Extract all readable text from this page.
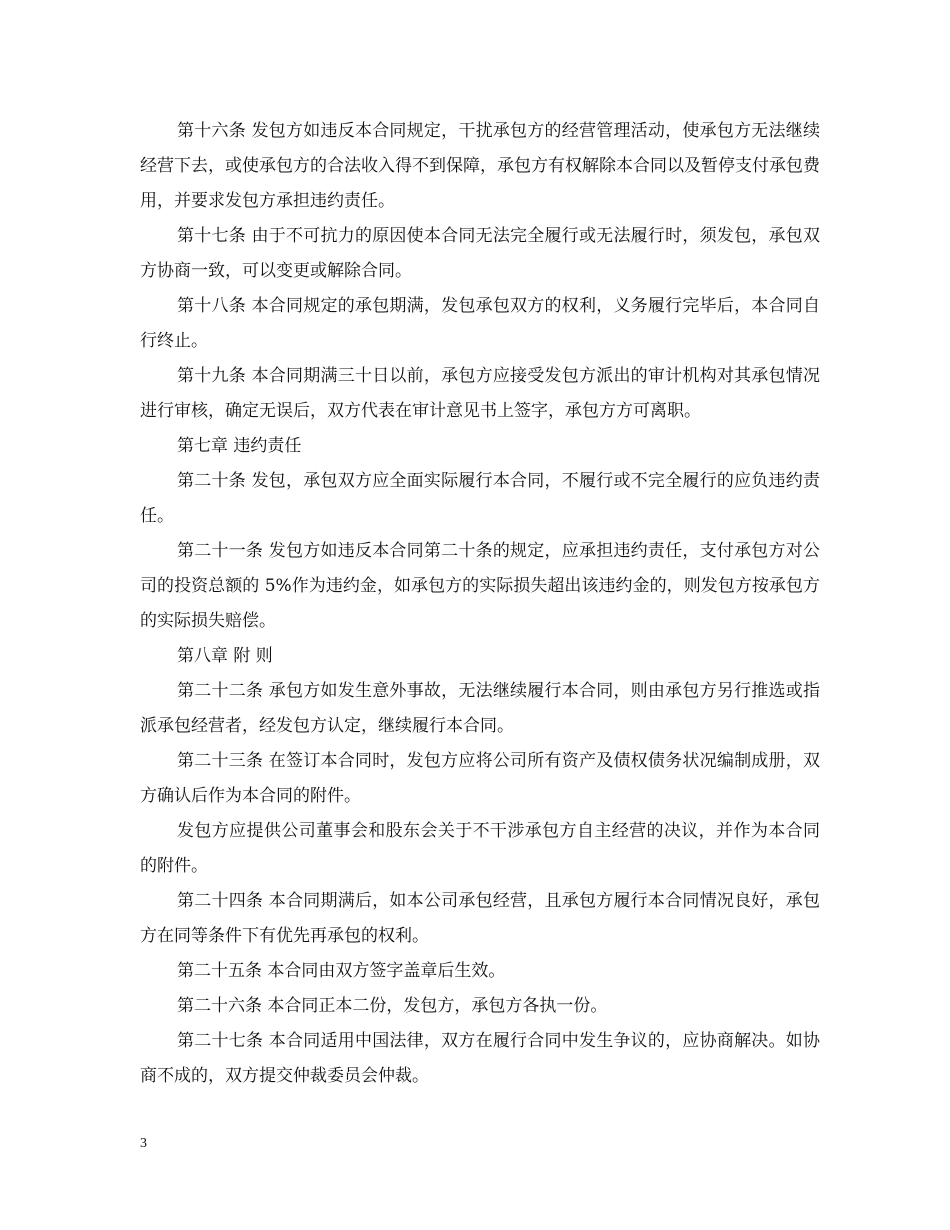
第十六条 发包方如违反本合同规定，干扰承包方的经营管理活动，使承包方无法继续经营下去，或使承包方的合法收入得不到保障，承包方有权解除本合同以及暂停支付承包费用，并要求发包方承担违约责任。

第十七条 由于不可抗力的原因使本合同无法完全履行或无法履行时，须发包，承包双方协商一致，可以变更或解除合同。

第十八条 本合同规定的承包期满，发包承包双方的权利，义务履行完毕后，本合同自行终止。

第十九条 本合同期满三十日以前，承包方应接受发包方派出的审计机构对其承包情况进行审核，确定无误后，双方代表在审计意见书上签字，承包方方可离职。

第七章 违约责任

第二十条 发包，承包双方应全面实际履行本合同，不履行或不完全履行的应负违约责任。

第二十一条 发包方如违反本合同第二十条的规定，应承担违约责任，支付承包方对公司的投资总额的 5%作为违约金，如承包方的实际损失超出该违约金的，则发包方按承包方的实际损失赔偿。

第八章 附 则

第二十二条 承包方如发生意外事故，无法继续履行本合同，则由承包方另行推选或指派承包经营者，经发包方认定，继续履行本合同。

第二十三条 在签订本合同时，发包方应将公司所有资产及债权债务状况编制成册，双方确认后作为本合同的附件。

发包方应提供公司董事会和股东会关于不干涉承包方自主经营的决议，并作为本合同的附件。

第二十四条 本合同期满后，如本公司承包经营，且承包方履行本合同情况良好，承包方在同等条件下有优先再承包的权利。

第二十五条 本合同由双方签字盖章后生效。

第二十六条 本合同正本二份，发包方，承包方各执一份。

第二十七条 本合同适用中国法律，双方在履行合同中发生争议的，应协商解决。如协商不成的，双方提交仲裁委员会仲裁。

3
